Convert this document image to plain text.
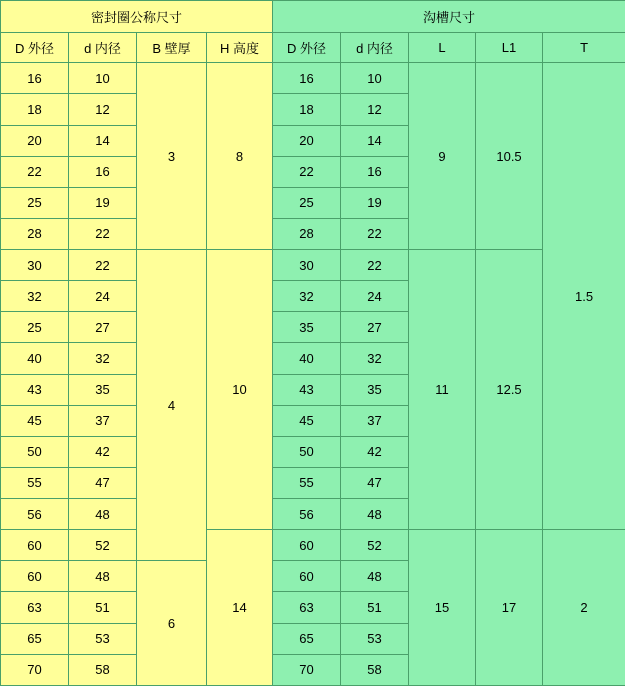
密封圈公称尺寸				沟槽尺寸				
D 外径	d 内径	B 壁厚	H 高度	D 外径	d 内径	L	L1	T
16	10	3	8	16	10	9	10.5	1.5
18	12			18	12			
20	14			20	14			
22	16			22	16			
25	19			25	19			
28	22			28	22			
30	22	4	10	30	22	11	12.5	
32	24			32	24			
25	27			35	27			
40	32			40	32			
43	35			43	35			
45	37			45	37			
50	42			50	42			
55	47			55	47			
56	48			56	48			
60	52		14	60	52	15	17	2
60	48	6		60	48			
63	51			63	51			
65	53			65	53			
70	58			70	58			
